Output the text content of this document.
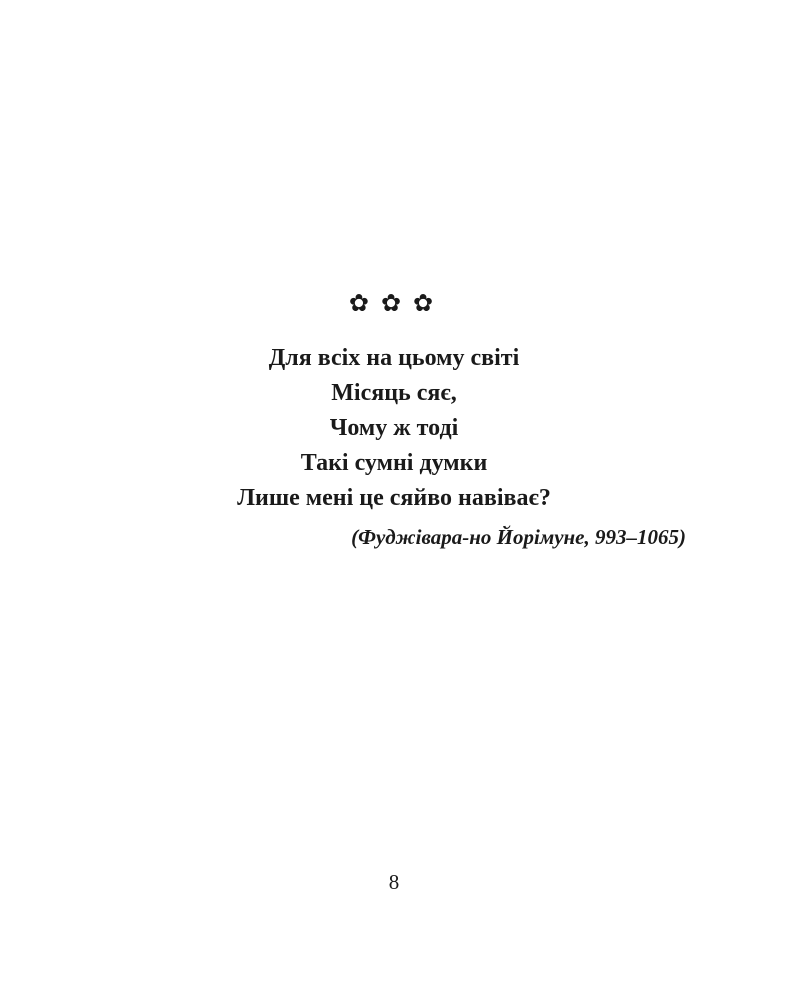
✿ ✿ ✿
Для всіх на цьому світі
Місяць сяє,
Чому ж тоді
Такі сумні думки
Лише мені це сяйво навіває?
(Фуджівара-но Йорімуне, 993–1065)
8
